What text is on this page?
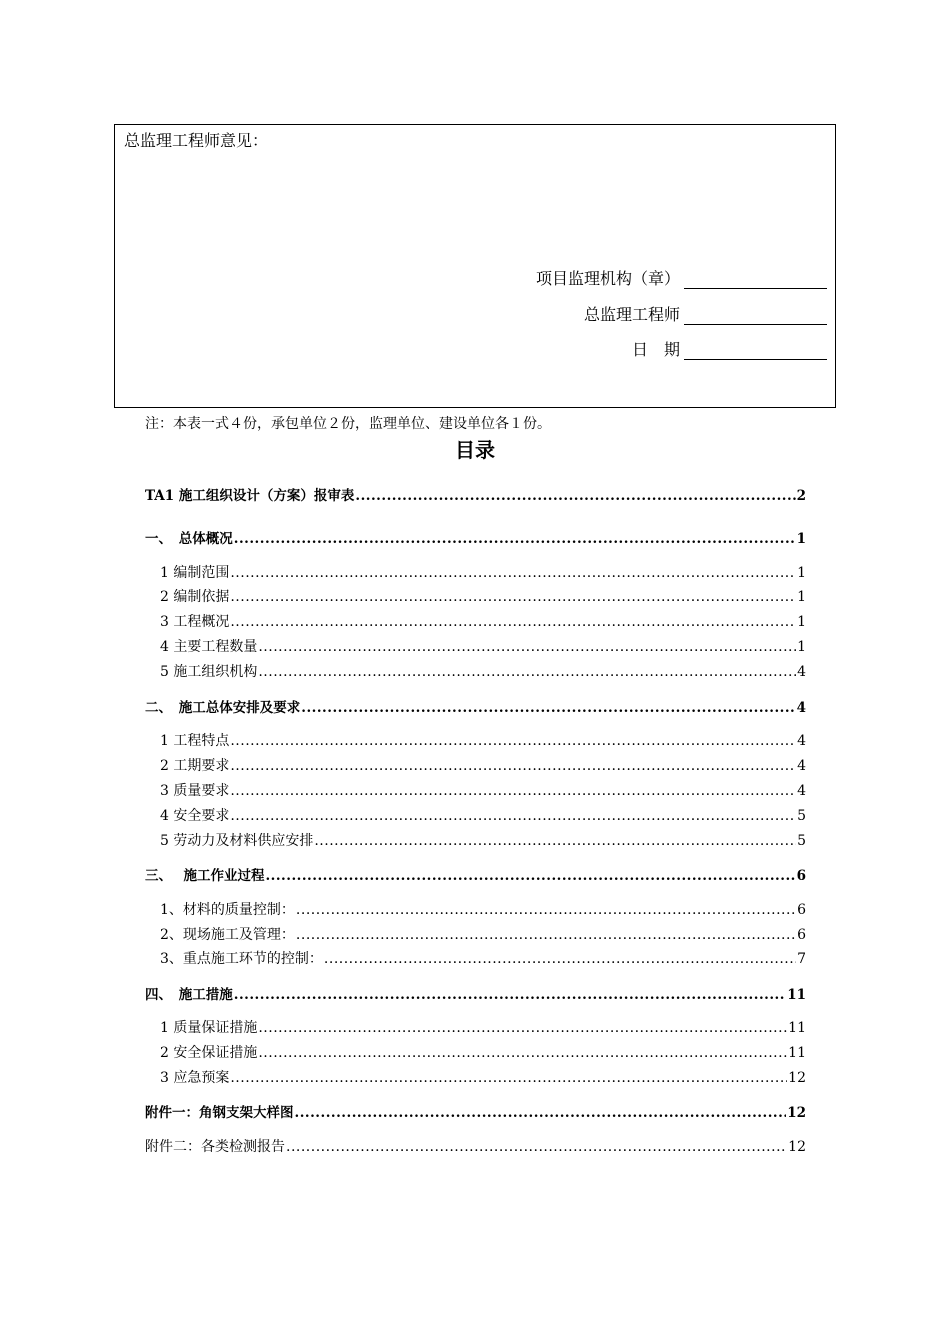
总监理工程师意见：
项目监理机构（章）
总监理工程师
日　期
注：本表一式４份，承包单位２份，监理单位、建设单位各１份。
目录
TA1 施工组织设计（方案）报审表 .....	2
一、　总体概况 .....	1
1 编制范围 .....	1
2 编制依据 .....	1
3 工程概况 .....	1
4 主要工程数量 .....	1
5 施工组织机构 .....	4
二、　施工总体安排及要求 .....	4
1 工程特点 .....	4
2 工期要求 .....	4
3 质量要求 .....	4
4 安全要求 .....	5
5 劳动力及材料供应安排 .....	5
三、　 施工作业过程 .....	6
1、材料的质量控制： .....	6
2、现场施工及管理： .....	6
3、重点施工环节的控制： .....	7
四、　施工措施 .....	11
1 质量保证措施 .....	11
2 安全保证措施 .....	11
3 应急预案 .....	12
附件一：角钢支架大样图 .....	12
附件二：各类检测报告 .....	12
